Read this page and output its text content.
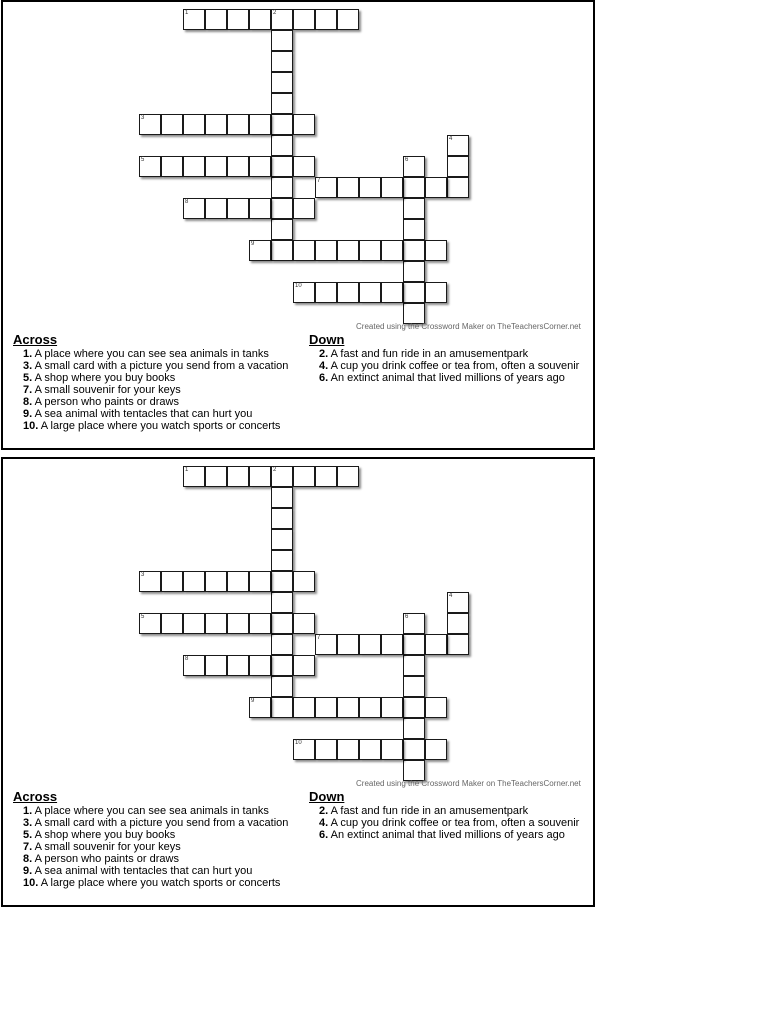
1	2
3
4
5	6
7
8
9
10
Created using the Crossword Maker on TheTeachersCorner.net
Across

1. A place where you can see sea animals in tanks

3. A small card with a picture you send from a vacation

5. A shop where you buy books

7. A small souvenir for your keys

8. A person who paints or draws

9. A sea animal with tentacles that can hurt you

10. A large place where you watch sports or concerts

Down

2. A fast and fun ride in an amusementpark

4. A cup you drink coffee or tea from, often a souvenir

6. An extinct animal that lived millions of years ago

1	2
3
4
5	6
7
8
9
10
Created using the Crossword Maker on TheTeachersCorner.net
Across

1. A place where you can see sea animals in tanks

3. A small card with a picture you send from a vacation

5. A shop where you buy books

7. A small souvenir for your keys

8. A person who paints or draws

9. A sea animal with tentacles that can hurt you

10. A large place where you watch sports or concerts

Down

2. A fast and fun ride in an amusementpark

4. A cup you drink coffee or tea from, often a souvenir

6. An extinct animal that lived millions of years ago
